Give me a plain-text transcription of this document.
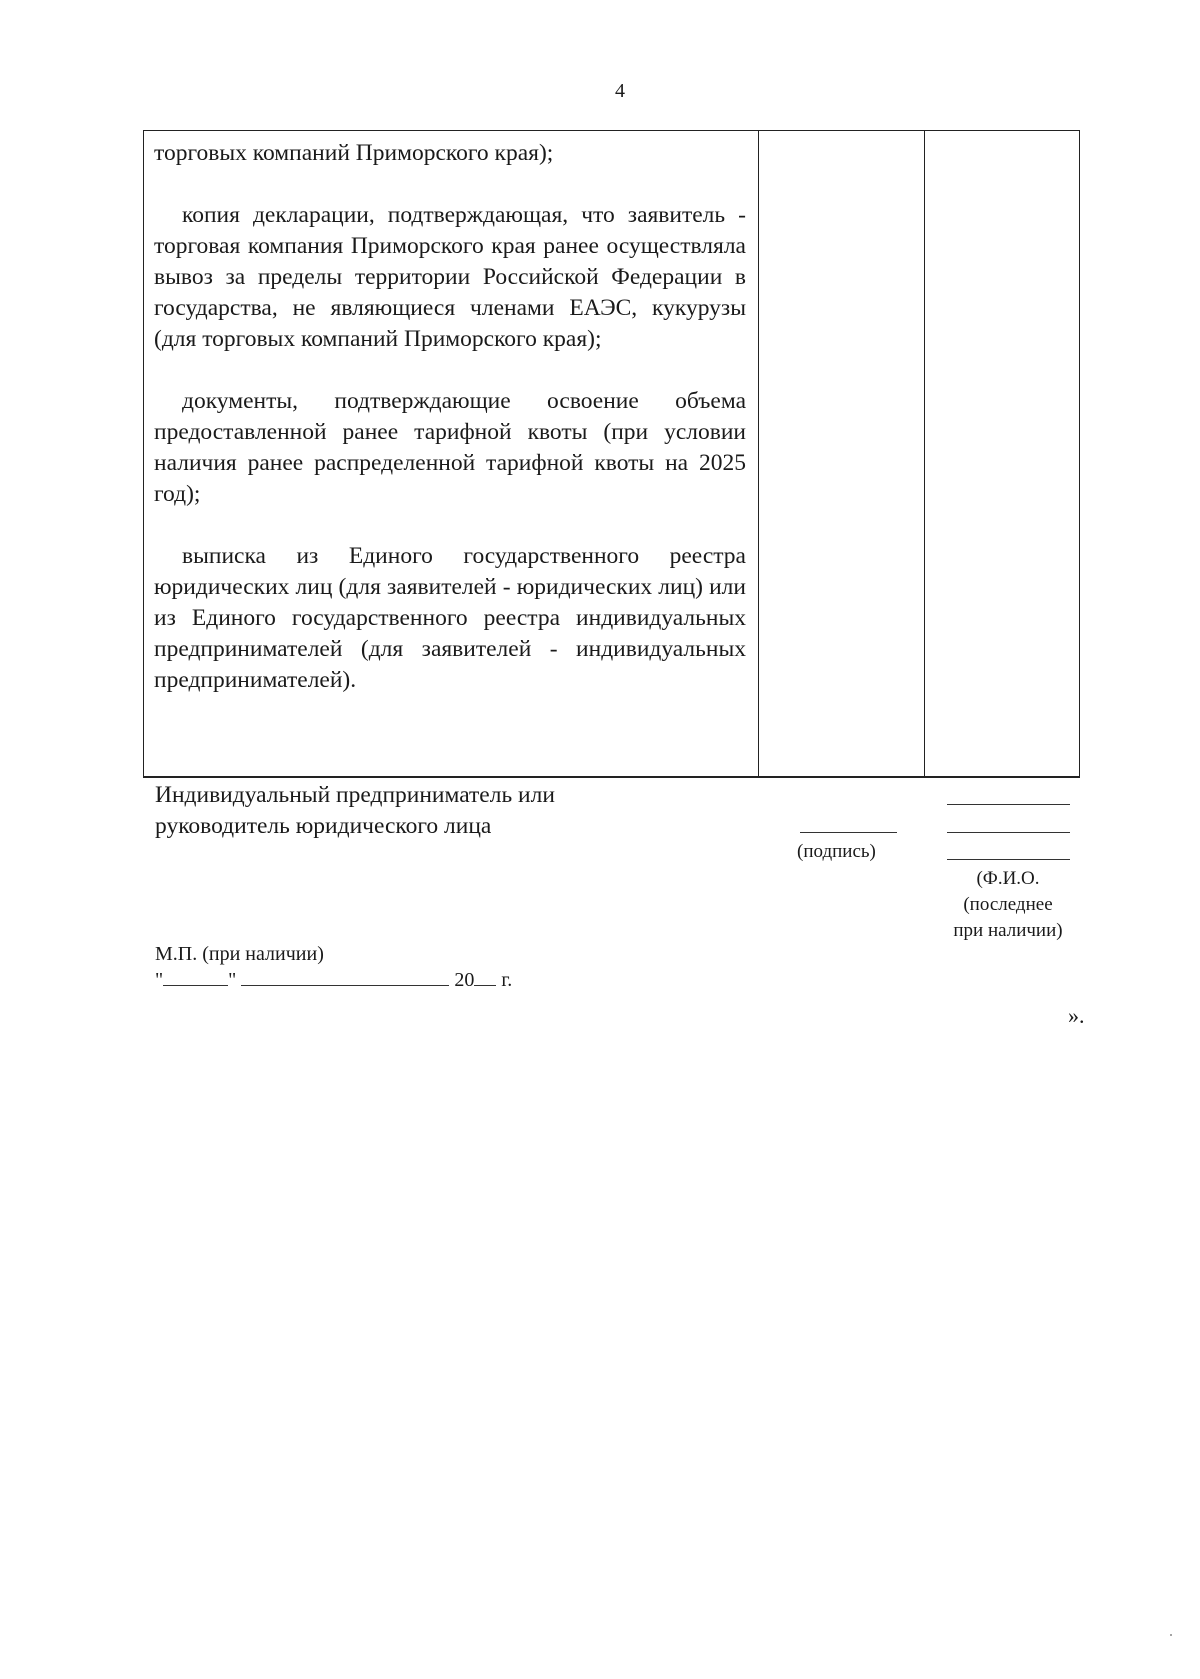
4

торговых компаний Приморского края);

копия декларации, подтверждающая, что заявитель - торговая компания Приморского края ранее осуществляла вывоз за пределы территории Российской Федерации в государства, не являющиеся членами ЕАЭС, кукурузы (для торговых компаний Приморского края);

документы, подтверждающие освоение объема предоставленной ранее тарифной квоты (при условии наличия ранее распределенной тарифной квоты на 2025 год);

выписка из Единого государственного реестра юридических лиц (для заявителей - юридических лиц) или из Единого государственного реестра индивидуальных предпринимателей (для заявителей - индивидуальных предпринимателей).

Индивидуальный предприниматель или
руководитель юридического лица
(подпись)
(Ф.И.О.
(последнее
при наличии)
М.П. (при наличии)
"	"	20 г.
».
